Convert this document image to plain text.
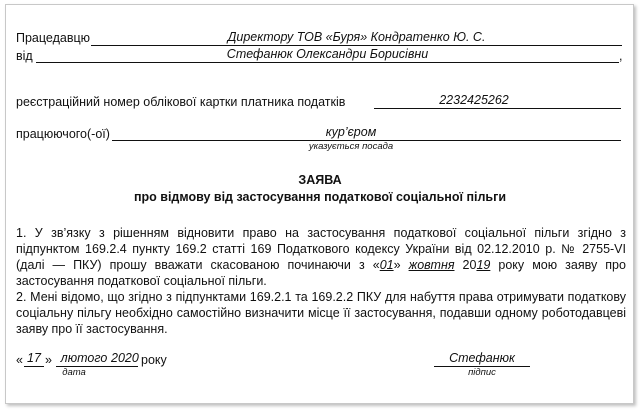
Працедавцю	Директору ТОВ «Буря» Кондратенко Ю. С.
від	Стефанюк Олександри Борисівни	,
реєстраційний номер облікової картки платника податків	2232425262
працюючого(-ої)	кур’єром
указується посада
ЗАЯВА
про відмову від застосування податкової соціальної пільги
1. У зв’язку з рішенням відновити право на застосування податкової соціальної пільги згідно з підпунктом 169.2.4 пункту 169.2 статті 169 Податкового кодексу України від 02.12.2010 р. № 2755-VI (далі — ПКУ) прошу вважати скасованою починаючи з «01» жовтня 2019 року мою заяву про застосування податкової соціальної пільги.
2. Мені відомо, що згідно з підпунктами 169.2.1 та 169.2.2 ПКУ для набуття права отримувати податкову соціальну пільгу необхідно самостійно визначити місце її застосування, подавши одному роботодавцеві заяву про її застосування.
« 17 » лютого 2020 року
дата
Стефанюк
підпис
